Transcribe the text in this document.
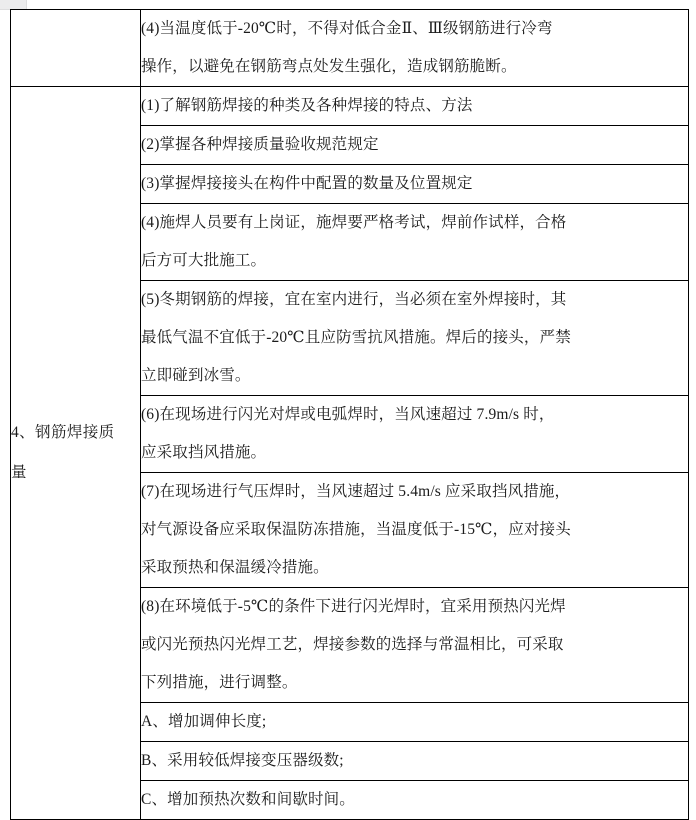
	(4)当温度低于-20℃时，不得对低合金Ⅱ、Ⅲ级钢筋进行冷弯
操作，以避免在钢筋弯点处发生强化，造成钢筋脆断。

4、钢筋焊接质
量	(1)了解钢筋焊接的种类及各种焊接的特点、方法

	(2)掌握各种焊接质量验收规范规定

	(3)掌握焊接接头在构件中配置的数量及位置规定

	(4)施焊人员要有上岗证，施焊要严格考试，焊前作试样，合格
后方可大批施工。

	(5)冬期钢筋的焊接，宜在室内进行，当必须在室外焊接时，其
最低气温不宜低于-20℃且应防雪抗风措施。焊后的接头，严禁
立即碰到冰雪。

	(6)在现场进行闪光对焊或电弧焊时，当风速超过 7.9m/s 时，
应采取挡风措施。

	(7)在现场进行气压焊时，当风速超过 5.4m/s 应采取挡风措施，
对气源设备应采取保温防冻措施，当温度低于-15℃，应对接头
采取预热和保温缓冷措施。

	(8)在环境低于-5℃的条件下进行闪光焊时，宜采用预热闪光焊
或闪光预热闪光焊工艺，焊接参数的选择与常温相比，可采取
下列措施，进行调整。

	A、增加调伸长度;

	B、采用较低焊接变压器级数;

	C、增加预热次数和间歇时间。
